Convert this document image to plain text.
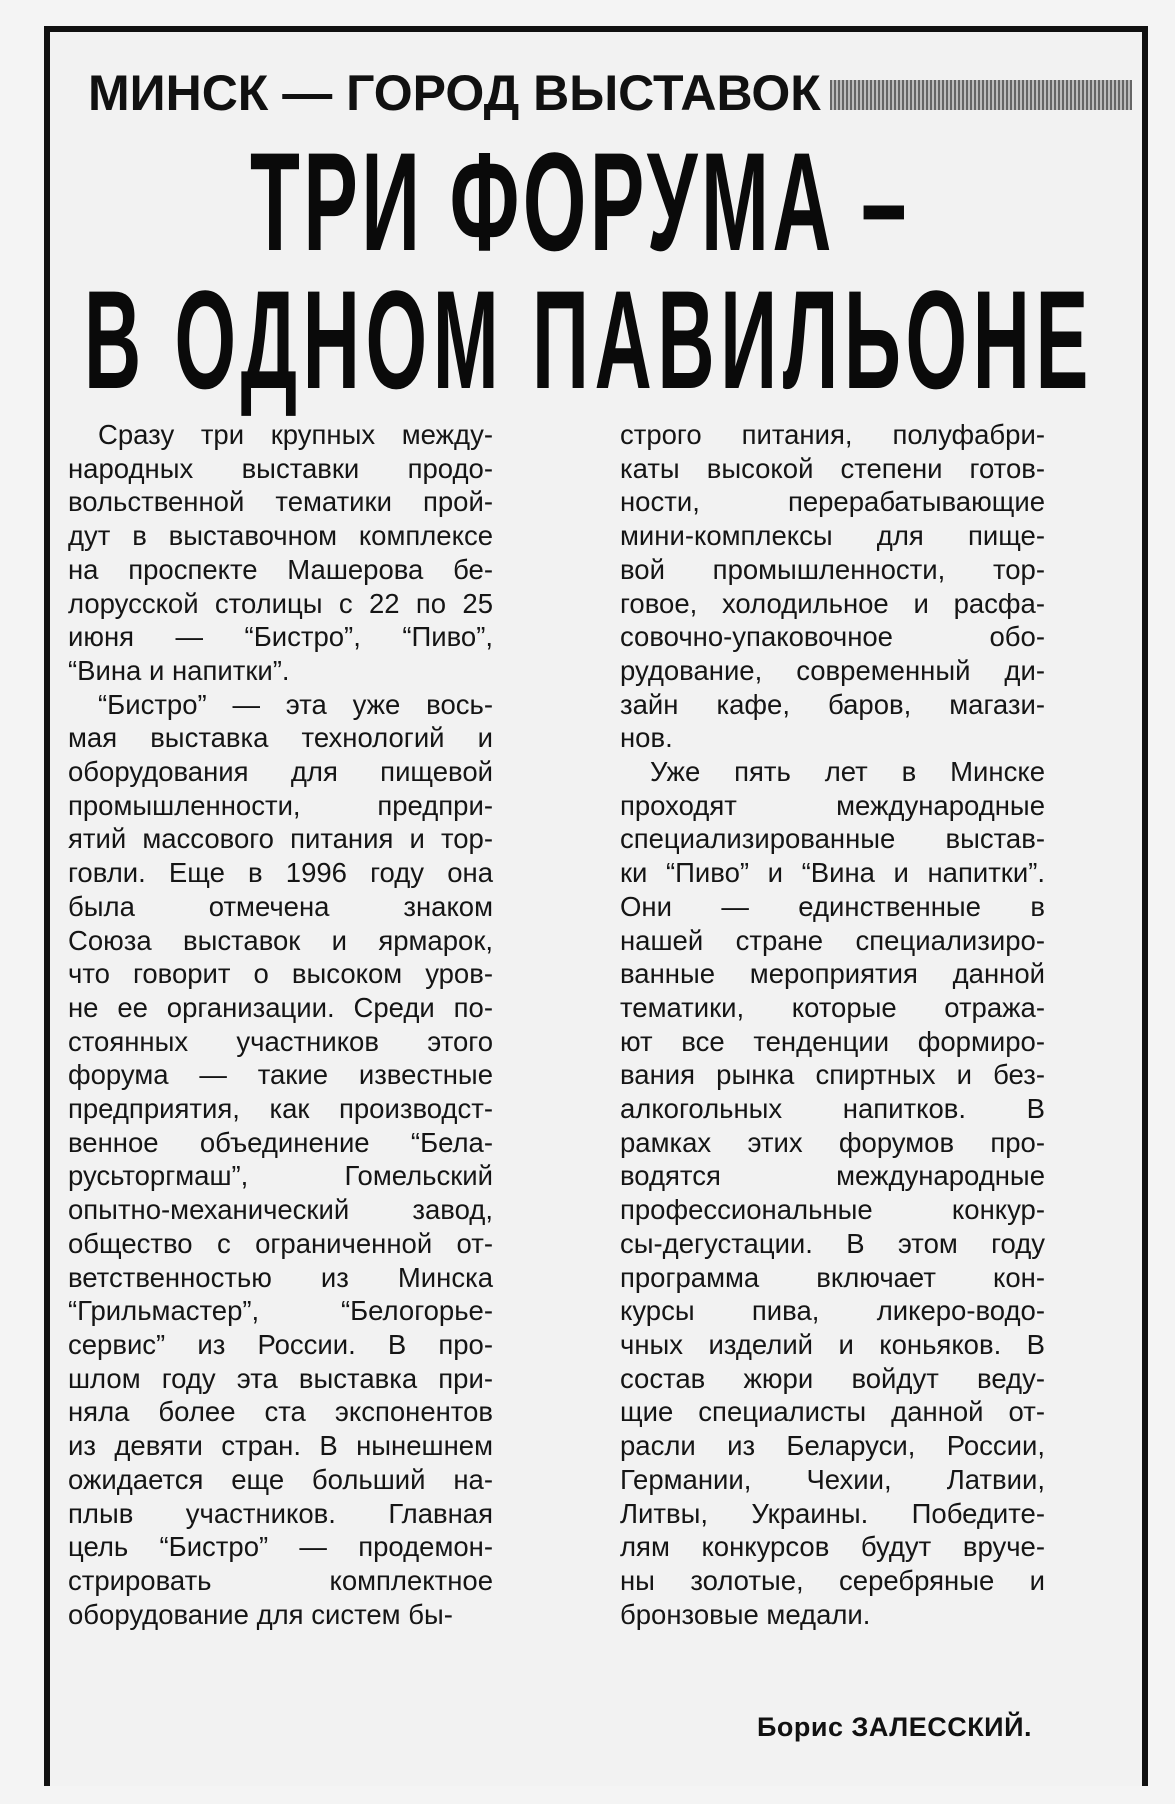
МИНСК — ГОРОД ВЫСТАВОК
ТРИ ФОРУМА –
В ОДНОМ ПАВИЛЬОНЕ
Сразу три крупных между-
народных выставки продо-
вольственной тематики прой-
дут в выставочном комплексе
на проспекте Машерова бе-
лорусской столицы с 22 по 25
июня — “Бистро”, “Пиво”,
“Вина и напитки”.
“Бистро” — эта уже вось-
мая выставка технологий и
оборудования для пищевой
промышленности, предпри-
ятий массового питания и тор-
говли. Еще в 1996 году она
была отмечена знаком
Союза выставок и ярмарок,
что говорит о высоком уров-
не ее организации. Среди по-
стоянных участников этого
форума — такие известные
предприятия, как производст-
венное объединение “Бела-
русьторгмаш”, Гомельский
опытно-механический завод,
общество с ограниченной от-
ветственностью из Минска
“Грильмастер”, “Белогорье-
сервис” из России. В про-
шлом году эта выставка при-
няла более ста экспонентов
из девяти стран. В нынешнем
ожидается еще больший на-
плыв участников. Главная
цель “Бистро” — продемон-
стрировать комплектное
оборудование для систем бы-
строго питания, полуфабри-
каты высокой степени готов-
ности, перерабатывающие
мини-комплексы для пище-
вой промышленности, тор-
говое, холодильное и расфа-
совочно-упаковочное обо-
рудование, современный ди-
зайн кафе, баров, магази-
нов.
Уже пять лет в Минске
проходят международные
специализированные выстав-
ки “Пиво” и “Вина и напитки”.
Они — единственные в
нашей стране специализиро-
ванные мероприятия данной
тематики, которые отража-
ют все тенденции формиро-
вания рынка спиртных и без-
алкогольных напитков. В
рамках этих форумов про-
водятся международные
профессиональные конкур-
сы-дегустации. В этом году
программа включает кон-
курсы пива, ликеро-водо-
чных изделий и коньяков. В
состав жюри войдут веду-
щие специалисты данной от-
расли из Беларуси, России,
Германии, Чехии, Латвии,
Литвы, Украины. Победите-
лям конкурсов будут вруче-
ны золотые, серебряные и
бронзовые медали.
Борис ЗАЛЕССКИЙ.
